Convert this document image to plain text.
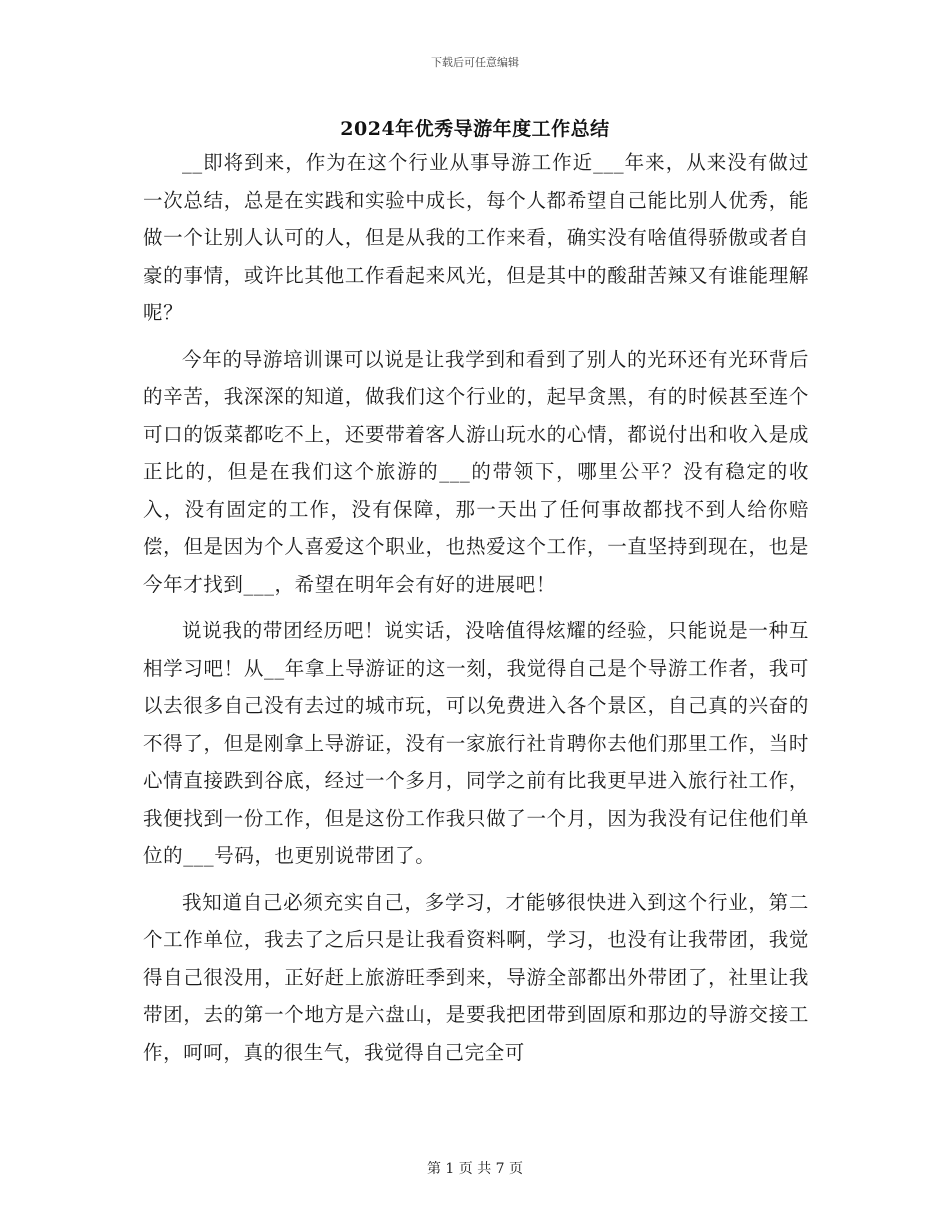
下载后可任意编辑
2024年优秀导游年度工作总结

__即将到来，作为在这个行业从事导游工作近___年来，从来没有做过一次总结，总是在实践和实验中成长，每个人都希望自己能比别人优秀，能做一个让别人认可的人，但是从我的工作来看，确实没有啥值得骄傲或者自豪的事情，或许比其他工作看起来风光，但是其中的酸甜苦辣又有谁能理解呢？

今年的导游培训课可以说是让我学到和看到了别人的光环还有光环背后的辛苦，我深深的知道，做我们这个行业的，起早贪黑，有的时候甚至连个可口的饭菜都吃不上，还要带着客人游山玩水的心情，都说付出和收入是成正比的，但是在我们这个旅游的___的带领下，哪里公平？没有稳定的收入，没有固定的工作，没有保障，那一天出了任何事故都找不到人给你赔偿，但是因为个人喜爱这个职业，也热爱这个工作，一直坚持到现在，也是今年才找到___，希望在明年会有好的进展吧！

说说我的带团经历吧！说实话，没啥值得炫耀的经验，只能说是一种互相学习吧！从__年拿上导游证的这一刻，我觉得自己是个导游工作者，我可以去很多自己没有去过的城市玩，可以免费进入各个景区，自己真的兴奋的不得了，但是刚拿上导游证，没有一家旅行社肯聘你去他们那里工作，当时心情直接跌到谷底，经过一个多月，同学之前有比我更早进入旅行社工作，我便找到一份工作，但是这份工作我只做了一个月，因为我没有记住他们单位的___号码，也更别说带团了。

我知道自己必须充实自己，多学习，才能够很快进入到这个行业，第二个工作单位，我去了之后只是让我看资料啊，学习，也没有让我带团，我觉得自己很没用，正好赶上旅游旺季到来，导游全部都出外带团了，社里让我带团，去的第一个地方是六盘山，是要我把团带到固原和那边的导游交接工作，呵呵，真的很生气，我觉得自己完全可

第 1 页 共 7 页
